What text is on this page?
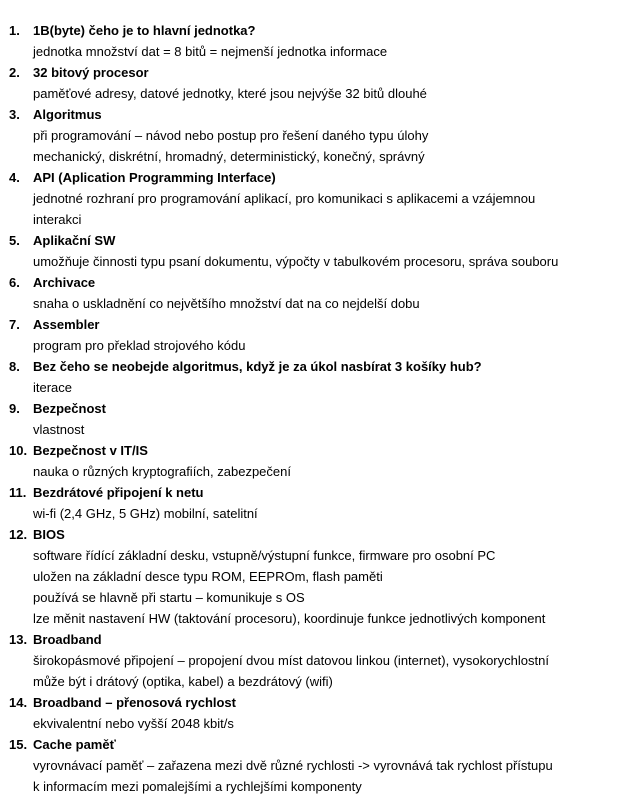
1. 1B(byte) čeho je to hlavní jednotka?
jednotka množství dat = 8 bitů = nejmenší jednotka informace
2. 32 bitový procesor
paměťové adresy, datové jednotky, které jsou nejvýše 32 bitů dlouhé
3. Algoritmus
při programování – návod nebo postup pro řešení daného typu úlohy
mechanický, diskrétní, hromadný, deterministický, konečný, správný
4. API (Aplication Programming Interface)
jednotné rozhraní pro programování aplikací, pro komunikaci s aplikacemi a vzájemnou
interakci
5. Aplikační SW
umožňuje činnosti typu psaní dokumentu, výpočty v tabulkovém procesoru, správa souboru
6. Archivace
snaha o uskladnění co největšího množství dat na co nejdelší dobu
7. Assembler
program pro překlad strojového kódu
8. Bez čeho se neobejde algoritmus, když je za úkol nasbírat 3 košíky hub?
iterace
9. Bezpečnost
vlastnost
10. Bezpečnost v IT/IS
nauka o různých kryptografiích, zabezpečení
11. Bezdrátové připojení k netu
wi-fi (2,4 GHz, 5 GHz) mobilní, satelitní
12. BIOS
software řídící základní desku, vstupně/výstupní funkce, firmware pro osobní PC
uložen na základní desce typu ROM, EEPROm, flash paměti
používá se hlavně při startu – komunikuje s OS
lze měnit nastavení HW (taktování procesoru), koordinuje funkce jednotlivých komponent
13. Broadband
širokopásmové připojení – propojení dvou míst datovou linkou (internet), vysokorychlostní
může být i drátový (optika, kabel) a bezdrátový (wifi)
14. Broadband – přenosová rychlost
ekvivalentní nebo vyšší 2048 kbit/s
15. Cache paměť
vyrovnávací paměť – zařazena mezi dvě různé rychlosti -> vyrovnává tak rychlost přístupu
k informacím mezi pomalejšími a rychlejšími komponenty
